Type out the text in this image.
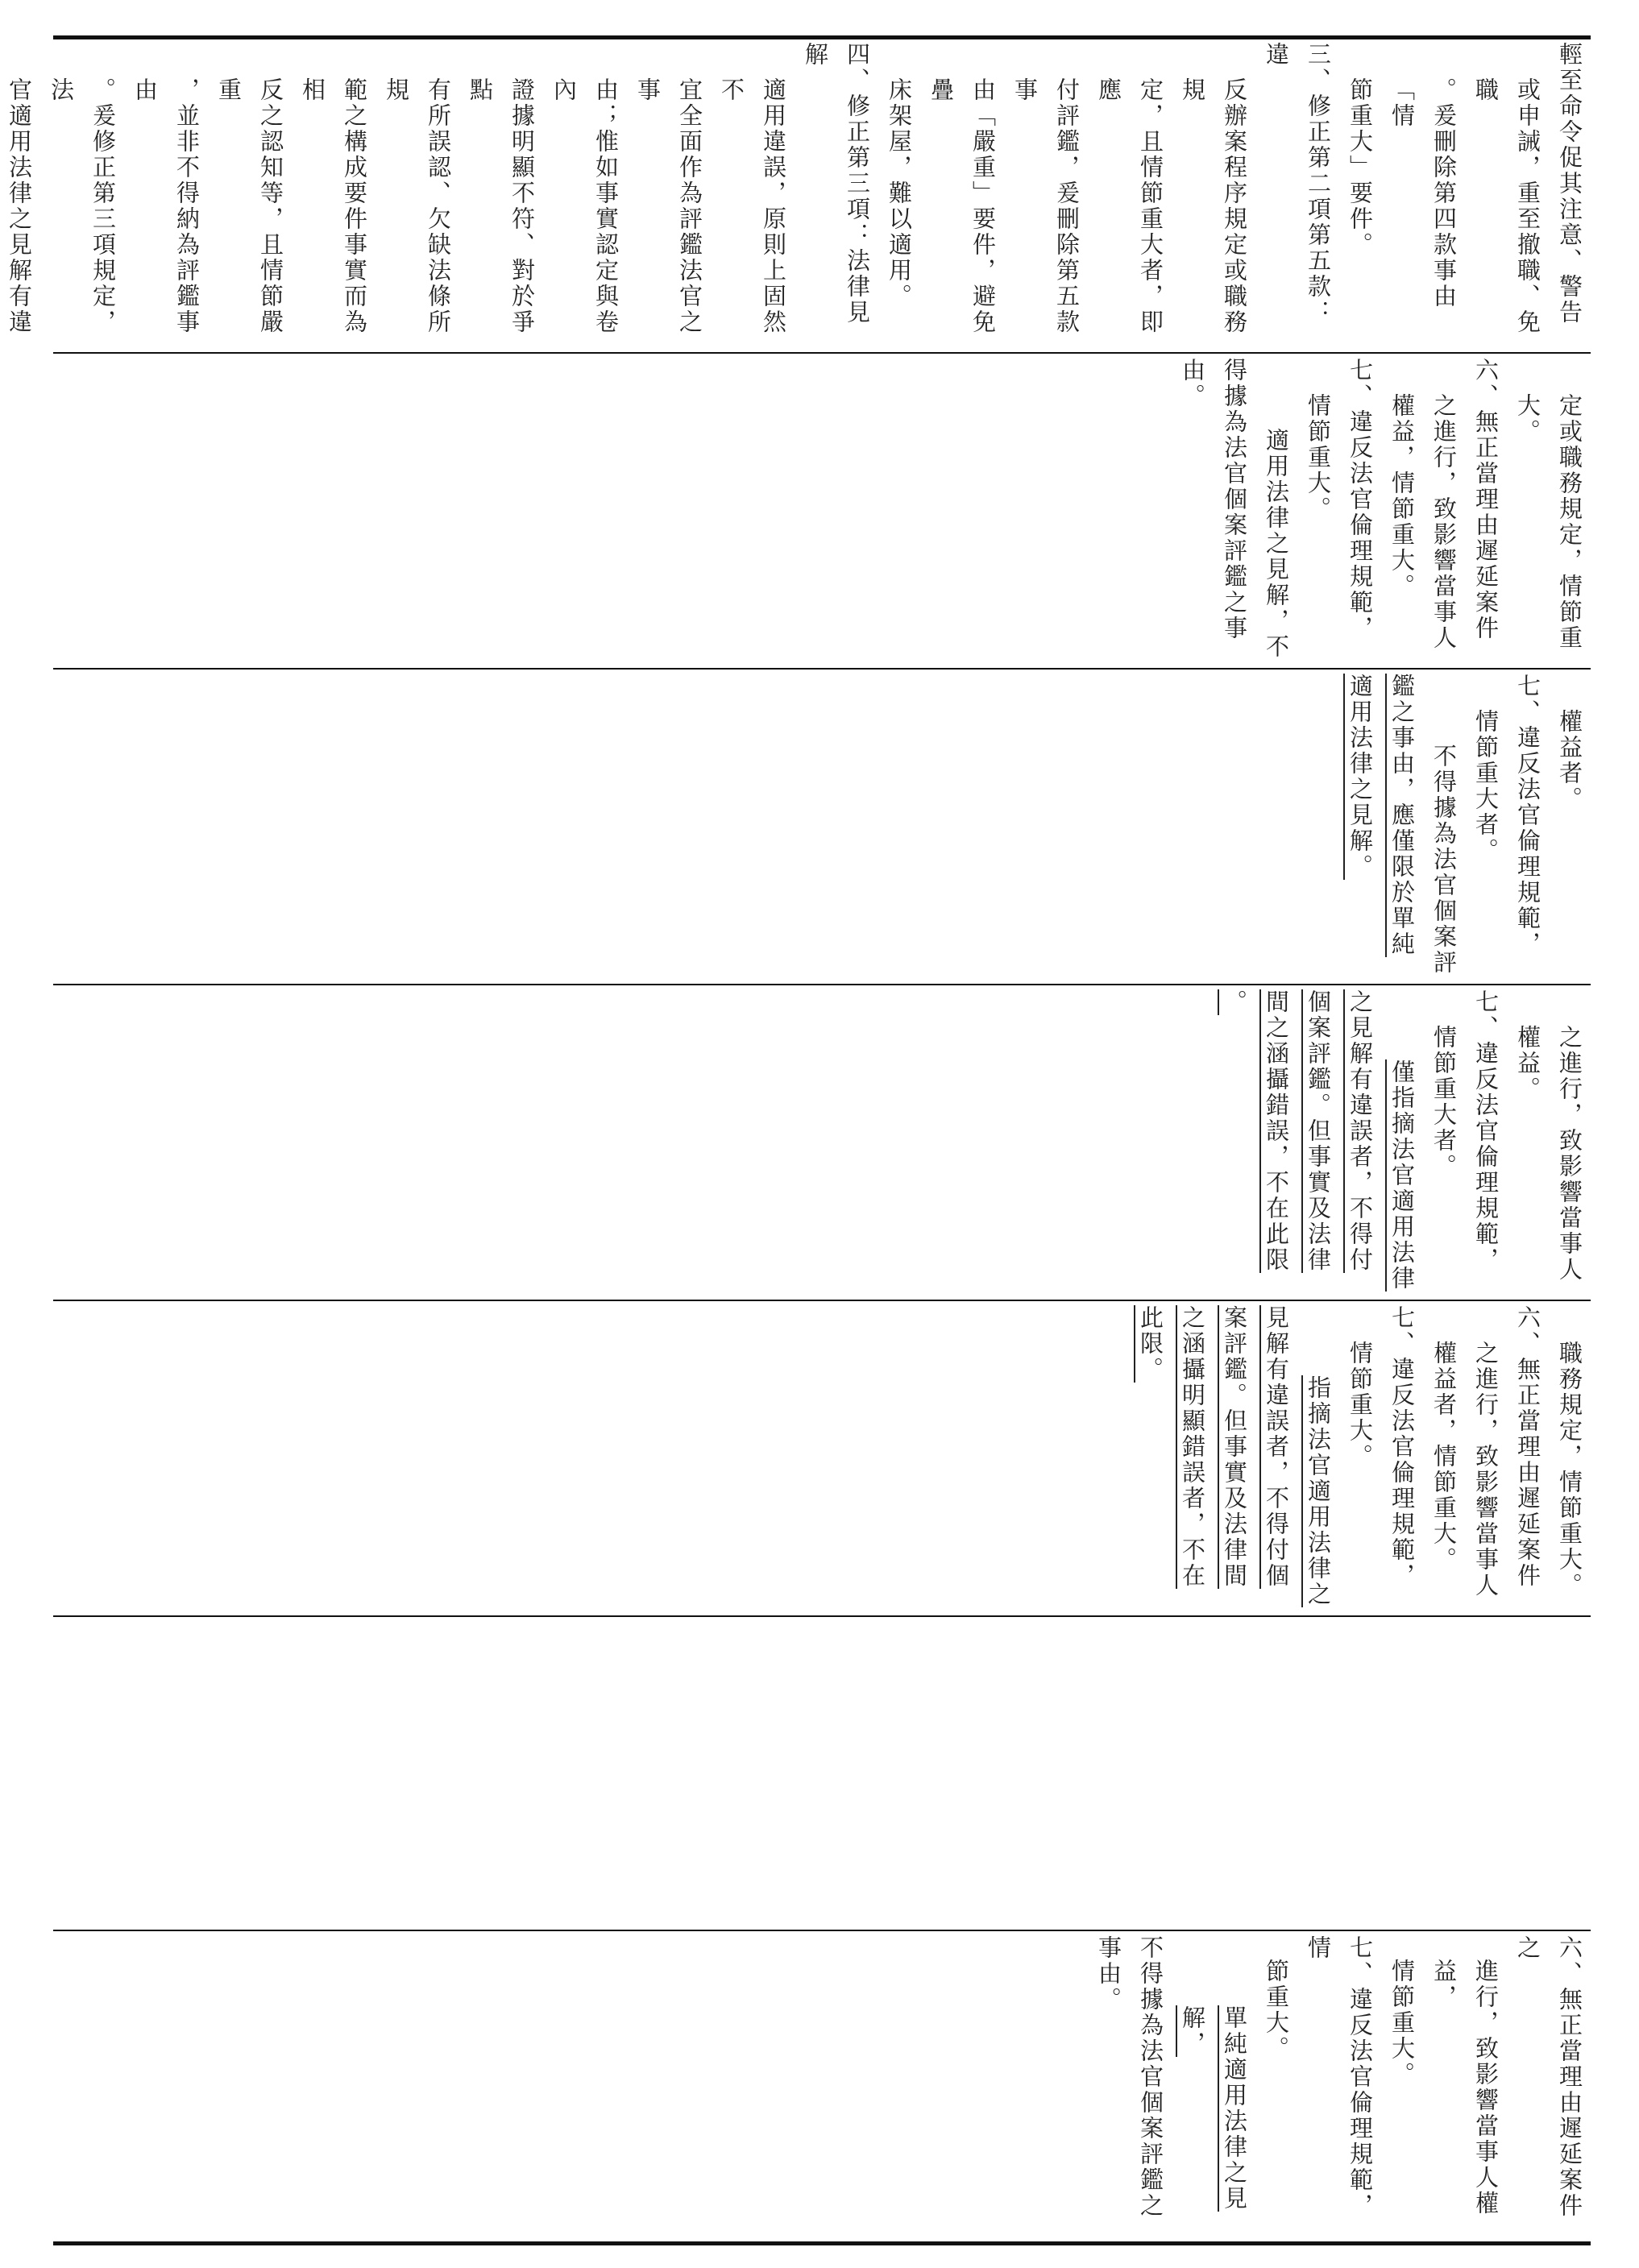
輕至命令促其注意、警告
或申誡，重至撤職、免職
。爰刪除第四款事由「情
節重大」要件。
三、修正第二項第五款：違
反辦案程序規定或職務規
定，且情節重大者，即應
付評鑑，爰刪除第五款事
由「嚴重」要件，避免疊
床架屋，難以適用。
四、修正第三項：法律見解
適用違誤，原則上固然不
宜全面作為評鑑法官之事
由；惟如事實認定與卷內
證據明顯不符、對於爭點
有所誤認、欠缺法條所規
範之構成要件事實而為相
反之認知等，且情節嚴重
，並非不得納為評鑑事由
。爰修正第三項規定，法
官適用法律之見解有違
定或職務規定，情節重
大。
六、無正當理由遲延案件
之進行，致影響當事人
權益，情節重大。
七、違反法官倫理規範，
情節重大。
適用法律之見解，不
得據為法官個案評鑑之事
由。
權益者。
七、違反法官倫理規範，
情節重大者。
不得據為法官個案評
鑑之事由，應僅限於單純
適用法律之見解。
之進行，致影響當事人
權益。
七、違反法官倫理規範，
情節重大者。
僅指摘法官適用法律
之見解有違誤者，不得付
個案評鑑。但事實及法律
間之涵攝錯誤，不在此限
。
職務規定，情節重大。
六、無正當理由遲延案件
之進行，致影響當事人
權益者，情節重大。
七、違反法官倫理規範，
情節重大。
指摘法官適用法律之
見解有違誤者，不得付個
案評鑑。但事實及法律間
之涵攝明顯錯誤者，不在
此限。
六、無正當理由遲延案件之
進行，致影響當事人權益，
情節重大。
七、違反法官倫理規範，情
節重大。
單純適用法律之見解，
不得據為法官個案評鑑之
事由。
